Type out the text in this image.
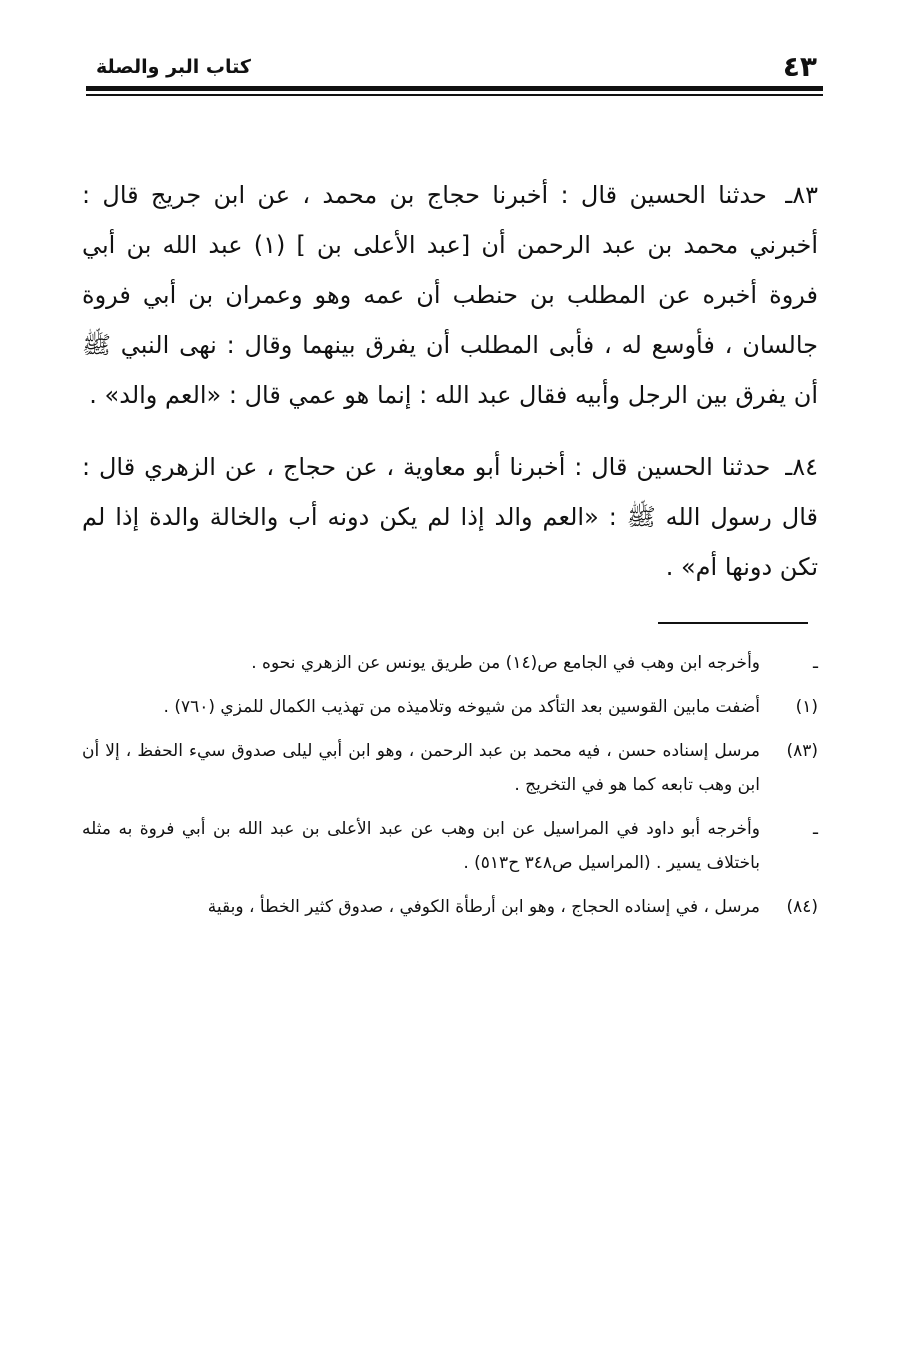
٤٣
كتاب البر والصلة

٨٣ـ حدثنا الحسين قال : أخبرنا حجاج بن محمد ، عن ابن جريج قال : أخبرني محمد بن عبد الرحمن أن [عبد الأعلى بن ] (١) عبد الله بن أبي فروة أخبره عن المطلب بن حنطب أن عمه وهو وعمران بن أبي فروة جالسان ، فأوسع له ، فأبى المطلب أن يفرق بينهما وقال : نهى النبي ﷺ أن يفرق بين الرجل وأبيه فقال عبد الله : إنما هو عمي قال : «العم والد» .

٨٤ـ حدثنا الحسين قال : أخبرنا أبو معاوية ، عن حجاج ، عن الزهري قال : قال رسول الله ﷺ : «العم والد إذا لم يكن دونه أب والخالة والدة إذا لم تكن دونها أم» .

ـ
وأخرجه ابن وهب في الجامع ص(١٤) من طريق يونس عن الزهري نحوه .
(١)
أضفت مابين القوسين بعد التأكد من شيوخه وتلاميذه من تهذيب الكمال للمزي (٧٦٠) .
(٨٣)
مرسل إسناده حسن ، فيه محمد بن عبد الرحمن ، وهو ابن أبي ليلى صدوق سيء الحفظ ، إلا أن ابن وهب تابعه كما هو في التخريج .
ـ
وأخرجه أبو داود في المراسيل عن ابن وهب عن عبد الأعلى بن عبد الله بن أبي فروة به مثله باختلاف يسير . (المراسيل ص٣٤٨ ح٥١٣) .
(٨٤)
مرسل ، في إسناده الحجاج ، وهو ابن أرطأة الكوفي ، صدوق كثير الخطأ ، وبقية
